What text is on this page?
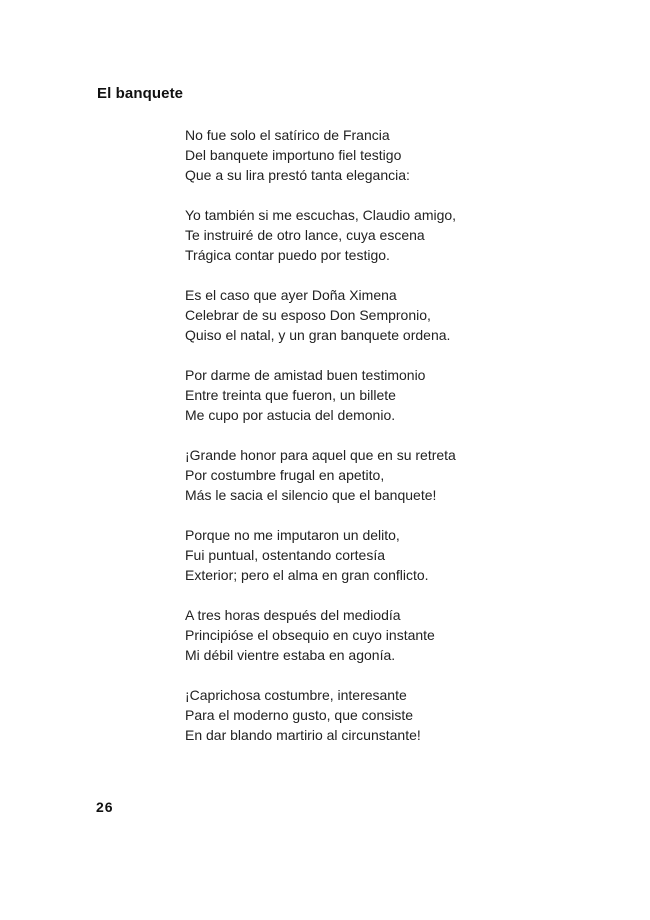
El banquete
No fue solo el satírico de Francia
Del banquete importuno fiel testigo
Que a su lira prestó tanta elegancia:
Yo también si me escuchas, Claudio amigo,
Te instruiré de otro lance, cuya escena
Trágica contar puedo por testigo.
Es el caso que ayer Doña Ximena
Celebrar de su esposo Don Sempronio,
Quiso el natal, y un gran banquete ordena.
Por darme de amistad buen testimonio
Entre treinta que fueron, un billete
Me cupo por astucia del demonio.
¡Grande honor para aquel que en su retreta
Por costumbre frugal en apetito,
Más le sacia el silencio que el banquete!
Porque no me imputaron un delito,
Fui puntual, ostentando cortesía
Exterior; pero el alma en gran conflicto.
A tres horas después del mediodía
Principióse el obsequio en cuyo instante
Mi débil vientre estaba en agonía.
¡Caprichosa costumbre, interesante
Para el moderno gusto, que consiste
En dar blando martirio al circunstante!
26
